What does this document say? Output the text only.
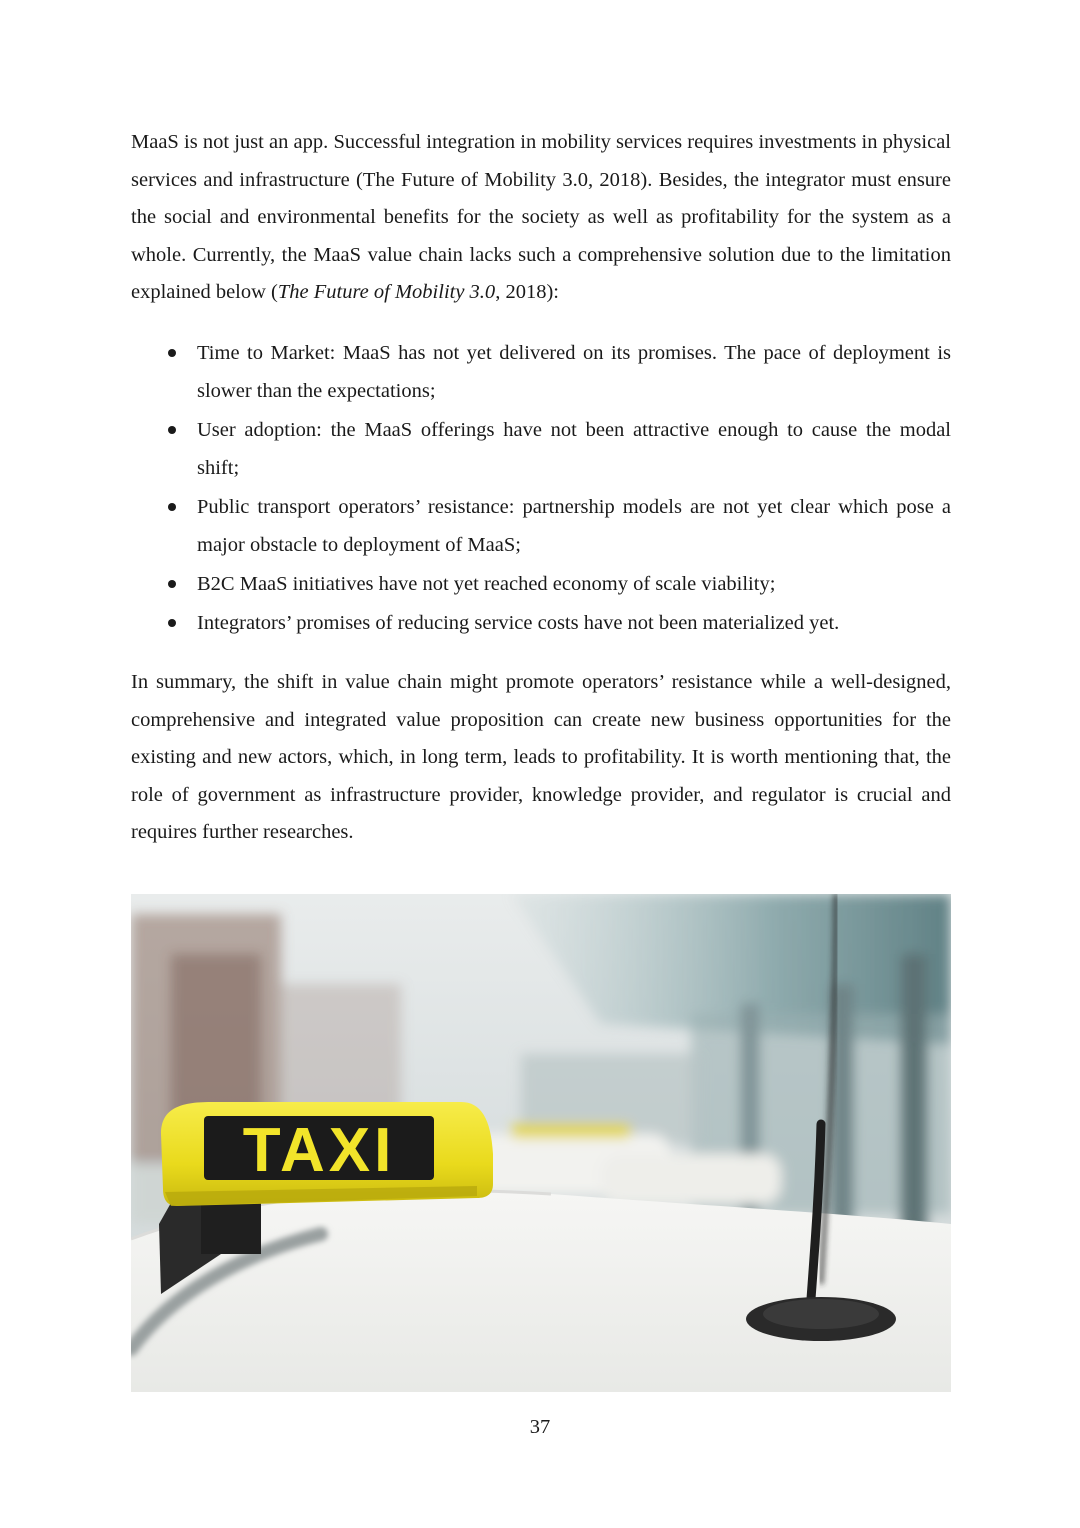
MaaS is not just an app. Successful integration in mobility services requires investments in physical services and infrastructure (The Future of Mobility 3.0, 2018). Besides, the integrator must ensure the social and environmental benefits for the society as well as profitability for the system as a whole. Currently, the MaaS value chain lacks such a comprehensive solution due to the limitation explained below (The Future of Mobility 3.0, 2018):

Time to Market: MaaS has not yet delivered on its promises. The pace of deployment is slower than the expectations;
User adoption: the MaaS offerings have not been attractive enough to cause the modal shift;
Public transport operators’ resistance: partnership models are not yet clear which pose a major obstacle to deployment of MaaS;
B2C MaaS initiatives have not yet reached economy of scale viability;
Integrators’ promises of reducing service costs have not been materialized yet.

In summary, the shift in value chain might promote operators’ resistance while a well-designed, comprehensive and integrated value proposition can create new business opportunities for the existing and new actors, which, in long term, leads to profitability. It is worth mentioning that, the role of government as infrastructure provider, knowledge provider, and regulator is crucial and requires further researches.

TAXI
37
